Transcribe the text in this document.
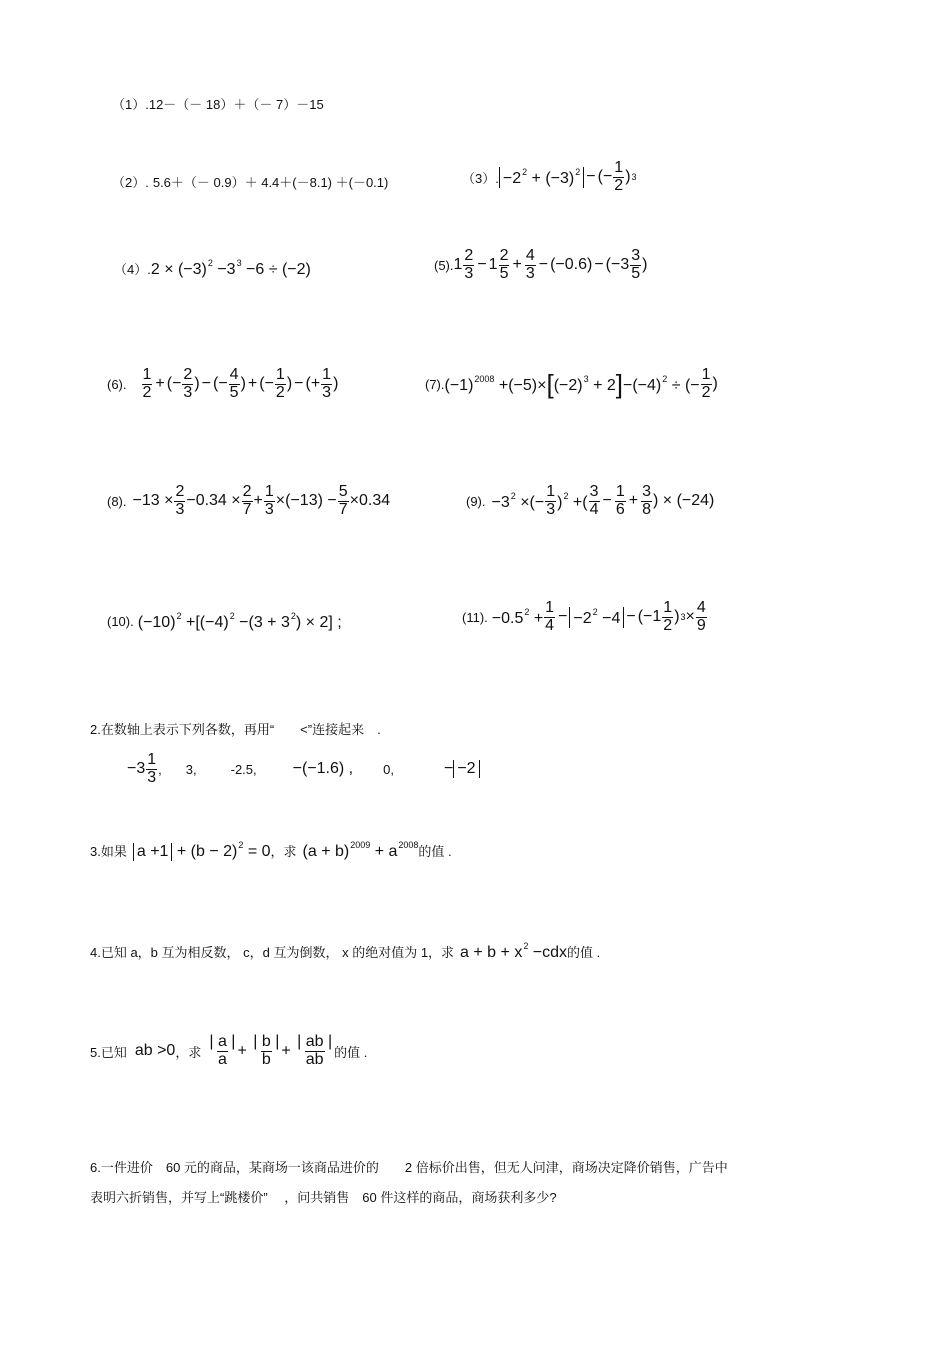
（1）.12－（－ 18）＋（－ 7）－15
（2）. 5.6＋（－ 0.9）＋ 4.4＋(－8.1) ＋(－0.1)	（3）. $-2^2 + (-3)^2$ − (− $\frac{1}{2}$ ) 3
（4）. $2 \times (-3)^2 -3^3 -6 \div (-2)$	(5). $1 \frac{2}{3} - 1 \frac{2}{5} + \frac{4}{3} - (-0.6)$ − (− $3 \frac{3}{5}$ )
(6). $\frac{1}{2}$ + (− $\frac{2}{3}$ ) − (− $\frac{4}{5}$ ) + (− $\frac{1}{2}$ ) − (+ $\frac{1}{3}$ )	(7). $(-1)^{2008} +(-5)\times$ [ $(-2)^3 + 2$ ] $-(-4)^2$ ÷ (− $\frac{1}{2}$ )
(8). $-13 \times \frac{2}{3} -0.34 \times \frac{2}{7} + \frac{1}{3} \times(-13) - \frac{5}{7} \times 0.34$	(9). $-3^2$ ×(− $\frac{1}{3} )^2$ +( $\frac{3}{4} - \frac{1}{6} + \frac{3}{8}$ ) × (−24)
(10). $(-10)^2 +[(-4)^2 -(3 + 3^2) \times 2]$ ;	(11). $-0.5^2 + \frac{1}{4} - -2^2 -4$ − (− $1 \frac{1}{2}$ ) $3 \times \frac{4}{9}$
2.在数轴上表示下列各数，再用“　　<”连接起来　.
$-3 \frac{1}{3}$ , 3,	-2.5, −(−1.6) , 0,	− −2
3.如果 $a +1 + (b - 2)^2 = 0$ ，求 $(a + b)^{2009} + a^{2008}$ 的值 .
4.已知 a，b 互为相反数， c，d 互为倒数， x 的绝对值为 1，求 $a + b + x^2 -cdx$ 的值 .
5.已知 ab >0 ，求 $\frac{| a |}{a} + \frac{| b |}{b} + \frac{| ab |}{ab}$ 的值 .
6.一件进价　60 元的商品，某商场一该商品进价的　　2 倍标价出售，但无人问津，商场决定降价销售，广告中
表明六折销售，并写上“跳楼价”　 ，问共销售　60 件这样的商品，商场获利多少?
